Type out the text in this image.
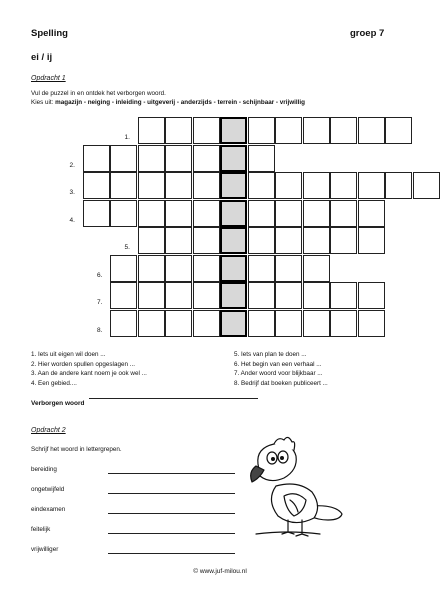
Spelling	groep 7
ei / ij
Opdracht 1
Vul de puzzel in en ontdek het verborgen woord.
Kies uit: magazijn - neiging - inleiding - uitgeverij - anderzijds - terrein - schijnbaar - vrijwillig
1.
2.
3.
4.
5.
6.
7.
8.
1. Iets uit eigen wil doen ...
2. Hier worden spullen opgeslagen ...
3. Aan de andere kant noem je ook wel ...
4. Een gebied....
5. Iets van plan te doen ...
6. Het begin van een verhaal ...
7. Ander woord voor blijkbaar ...
8. Bedrijf dat boeken publiceert ...
Verborgen woord
Opdracht 2
Schrijf het woord in lettergrepen.
bereiding
ongetwijfeld
eindexamen
feitelijk
vrijwilliger
© www.juf-milou.nl
